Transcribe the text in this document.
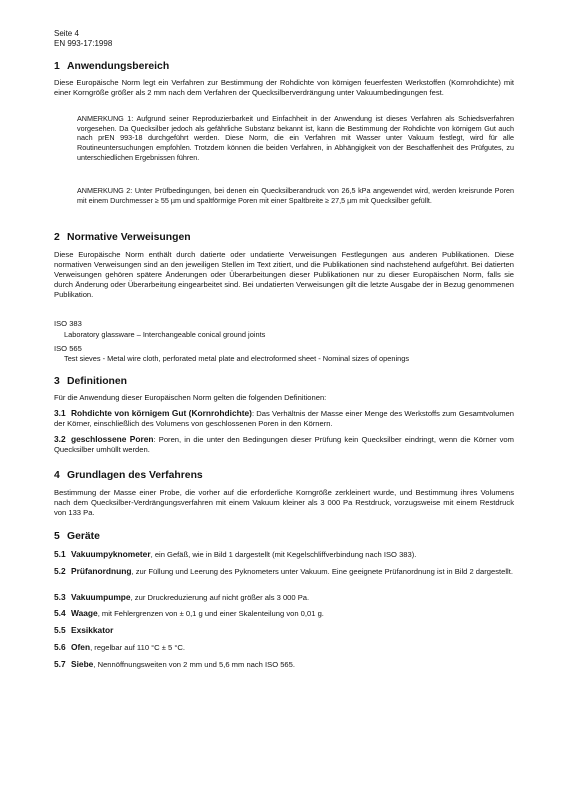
Seite 4
EN 993-17:1998
1 Anwendungsbereich
Diese Europäische Norm legt ein Verfahren zur Bestimmung der Rohdichte von körnigen feuerfesten Werkstoffen (Kornrohdichte) mit einer Korngröße größer als 2 mm nach dem Verfahren der Quecksilberverdrängung unter Vakuumbedingungen fest.
ANMERKUNG 1: Aufgrund seiner Reproduzierbarkeit und Einfachheit in der Anwendung ist dieses Verfahren als Schiedsverfahren vorgesehen. Da Quecksilber jedoch als gefährliche Substanz bekannt ist, kann die Bestimmung der Rohdichte von körnigem Gut auch nach prEN 993-18 durchgeführt werden. Diese Norm, die ein Verfahren mit Wasser unter Vakuum festlegt, wird für alle Routineuntersuchungen empfohlen. Trotzdem können die beiden Verfahren, in Abhängigkeit von der Beschaffenheit des Prüfgutes, zu unterschiedlichen Ergebnissen führen.
ANMERKUNG 2: Unter Prüfbedingungen, bei denen ein Quecksilberandruck von 26,5 kPa angewendet wird, werden kreisrunde Poren mit einem Durchmesser ≥ 55 µm und spaltförmige Poren mit einer Spaltbreite ≥ 27,5 µm mit Quecksilber gefüllt.
2 Normative Verweisungen
Diese Europäische Norm enthält durch datierte oder undatierte Verweisungen Festlegungen aus anderen Publikationen. Diese normativen Verweisungen sind an den jeweiligen Stellen im Text zitiert, und die Publikationen sind nachstehend aufgeführt. Bei datierten Verweisungen gehören spätere Änderungen oder Überarbeitungen dieser Publikationen nur zu dieser Europäischen Norm, falls sie durch Änderung oder Überarbeitung eingearbeitet sind. Bei undatierten Verweisungen gilt die letzte Ausgabe der in Bezug genommenen Publikation.
ISO 383
Laboratory glassware – Interchangeable conical ground joints
ISO 565
Test sieves - Metal wire cloth, perforated metal plate and electroformed sheet - Nominal sizes of openings
3 Definitionen
Für die Anwendung dieser Europäischen Norm gelten die folgenden Definitionen:
3.1 Rohdichte von körnigem Gut (Kornrohdichte): Das Verhältnis der Masse einer Menge des Werkstoffs zum Gesamtvolumen der Körner, einschließlich des Volumens von geschlossenen Poren in den Körnern.
3.2 geschlossene Poren: Poren, in die unter den Bedingungen dieser Prüfung kein Quecksilber eindringt, wenn die Körner vom Quecksilber umhüllt werden.
4 Grundlagen des Verfahrens
Bestimmung der Masse einer Probe, die vorher auf die erforderliche Korngröße zerkleinert wurde, und Bestimmung ihres Volumens nach dem Quecksilber-Verdrängungsverfahren mit einem Vakuum kleiner als 3 000 Pa Restdruck, vorzugsweise mit einem Restdruck von 133 Pa.
5 Geräte
5.1 Vakuumpyknometer, ein Gefäß, wie in Bild 1 dargestellt (mit Kegelschliffverbindung nach ISO 383).
5.2 Prüfanordnung, zur Füllung und Leerung des Pyknometers unter Vakuum. Eine geeignete Prüfanordnung ist in Bild 2 dargestellt.
5.3 Vakuumpumpe, zur Druckreduzierung auf nicht größer als 3 000 Pa.
5.4 Waage, mit Fehlergrenzen von ± 0,1 g und einer Skalenteilung von 0,01 g.
5.5 Exsikkator
5.6 Ofen, regelbar auf 110 °C ± 5 °C.
5.7 Siebe, Nennöffnungsweiten von 2 mm und 5,6 mm nach ISO 565.
